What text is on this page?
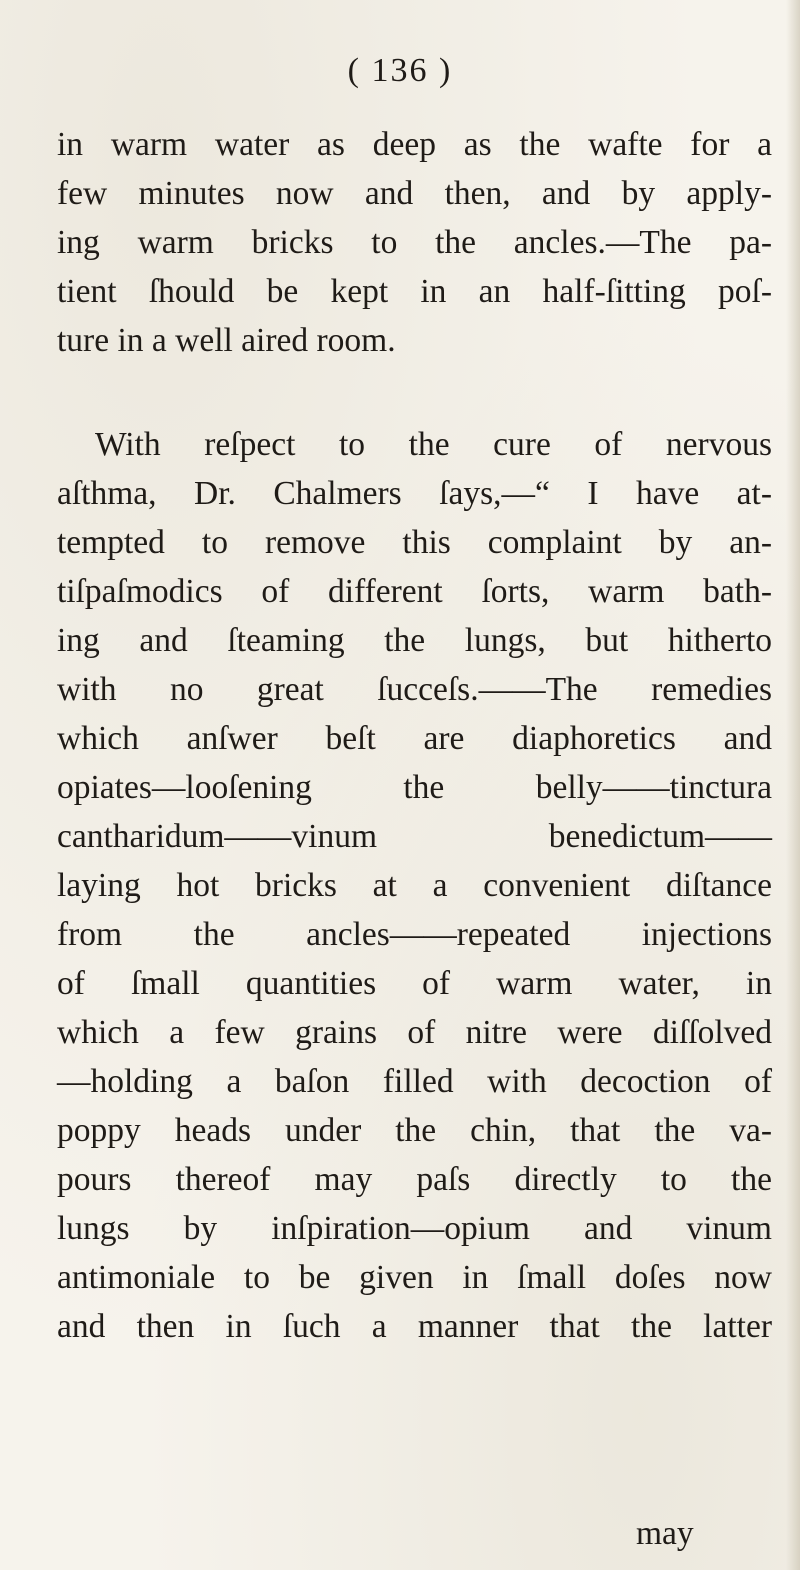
( 136 )
in warm water as deep as the wafte for a
few minutes now and then, and by apply-
ing warm bricks to the ancles.—The pa-
tient ſhould be kept in an half-ſitting poſ-
ture in a well aired room.
With reſpect to the cure of nervous
aſthma, Dr. Chalmers ſays,—“ I have at-
tempted to remove this complaint by an-
tiſpaſmodics of different ſorts, warm bath-
ing and ſteaming the lungs, but hitherto
with no great ſucceſs.——The remedies
which anſwer beſt are diaphoretics and
opiates—looſening the belly——tinctura
cantharidum——vinum benedictum——
laying hot bricks at a convenient diſtance
from the ancles——repeated injections
of ſmall quantities of warm water, in
which a few grains of nitre were diſſolved
—holding a baſon filled with decoction of
poppy heads under the chin, that the va-
pours thereof may paſs directly to the
lungs by inſpiration—opium and vinum
antimoniale to be given in ſmall doſes now
and then in ſuch a manner that the latter
may
